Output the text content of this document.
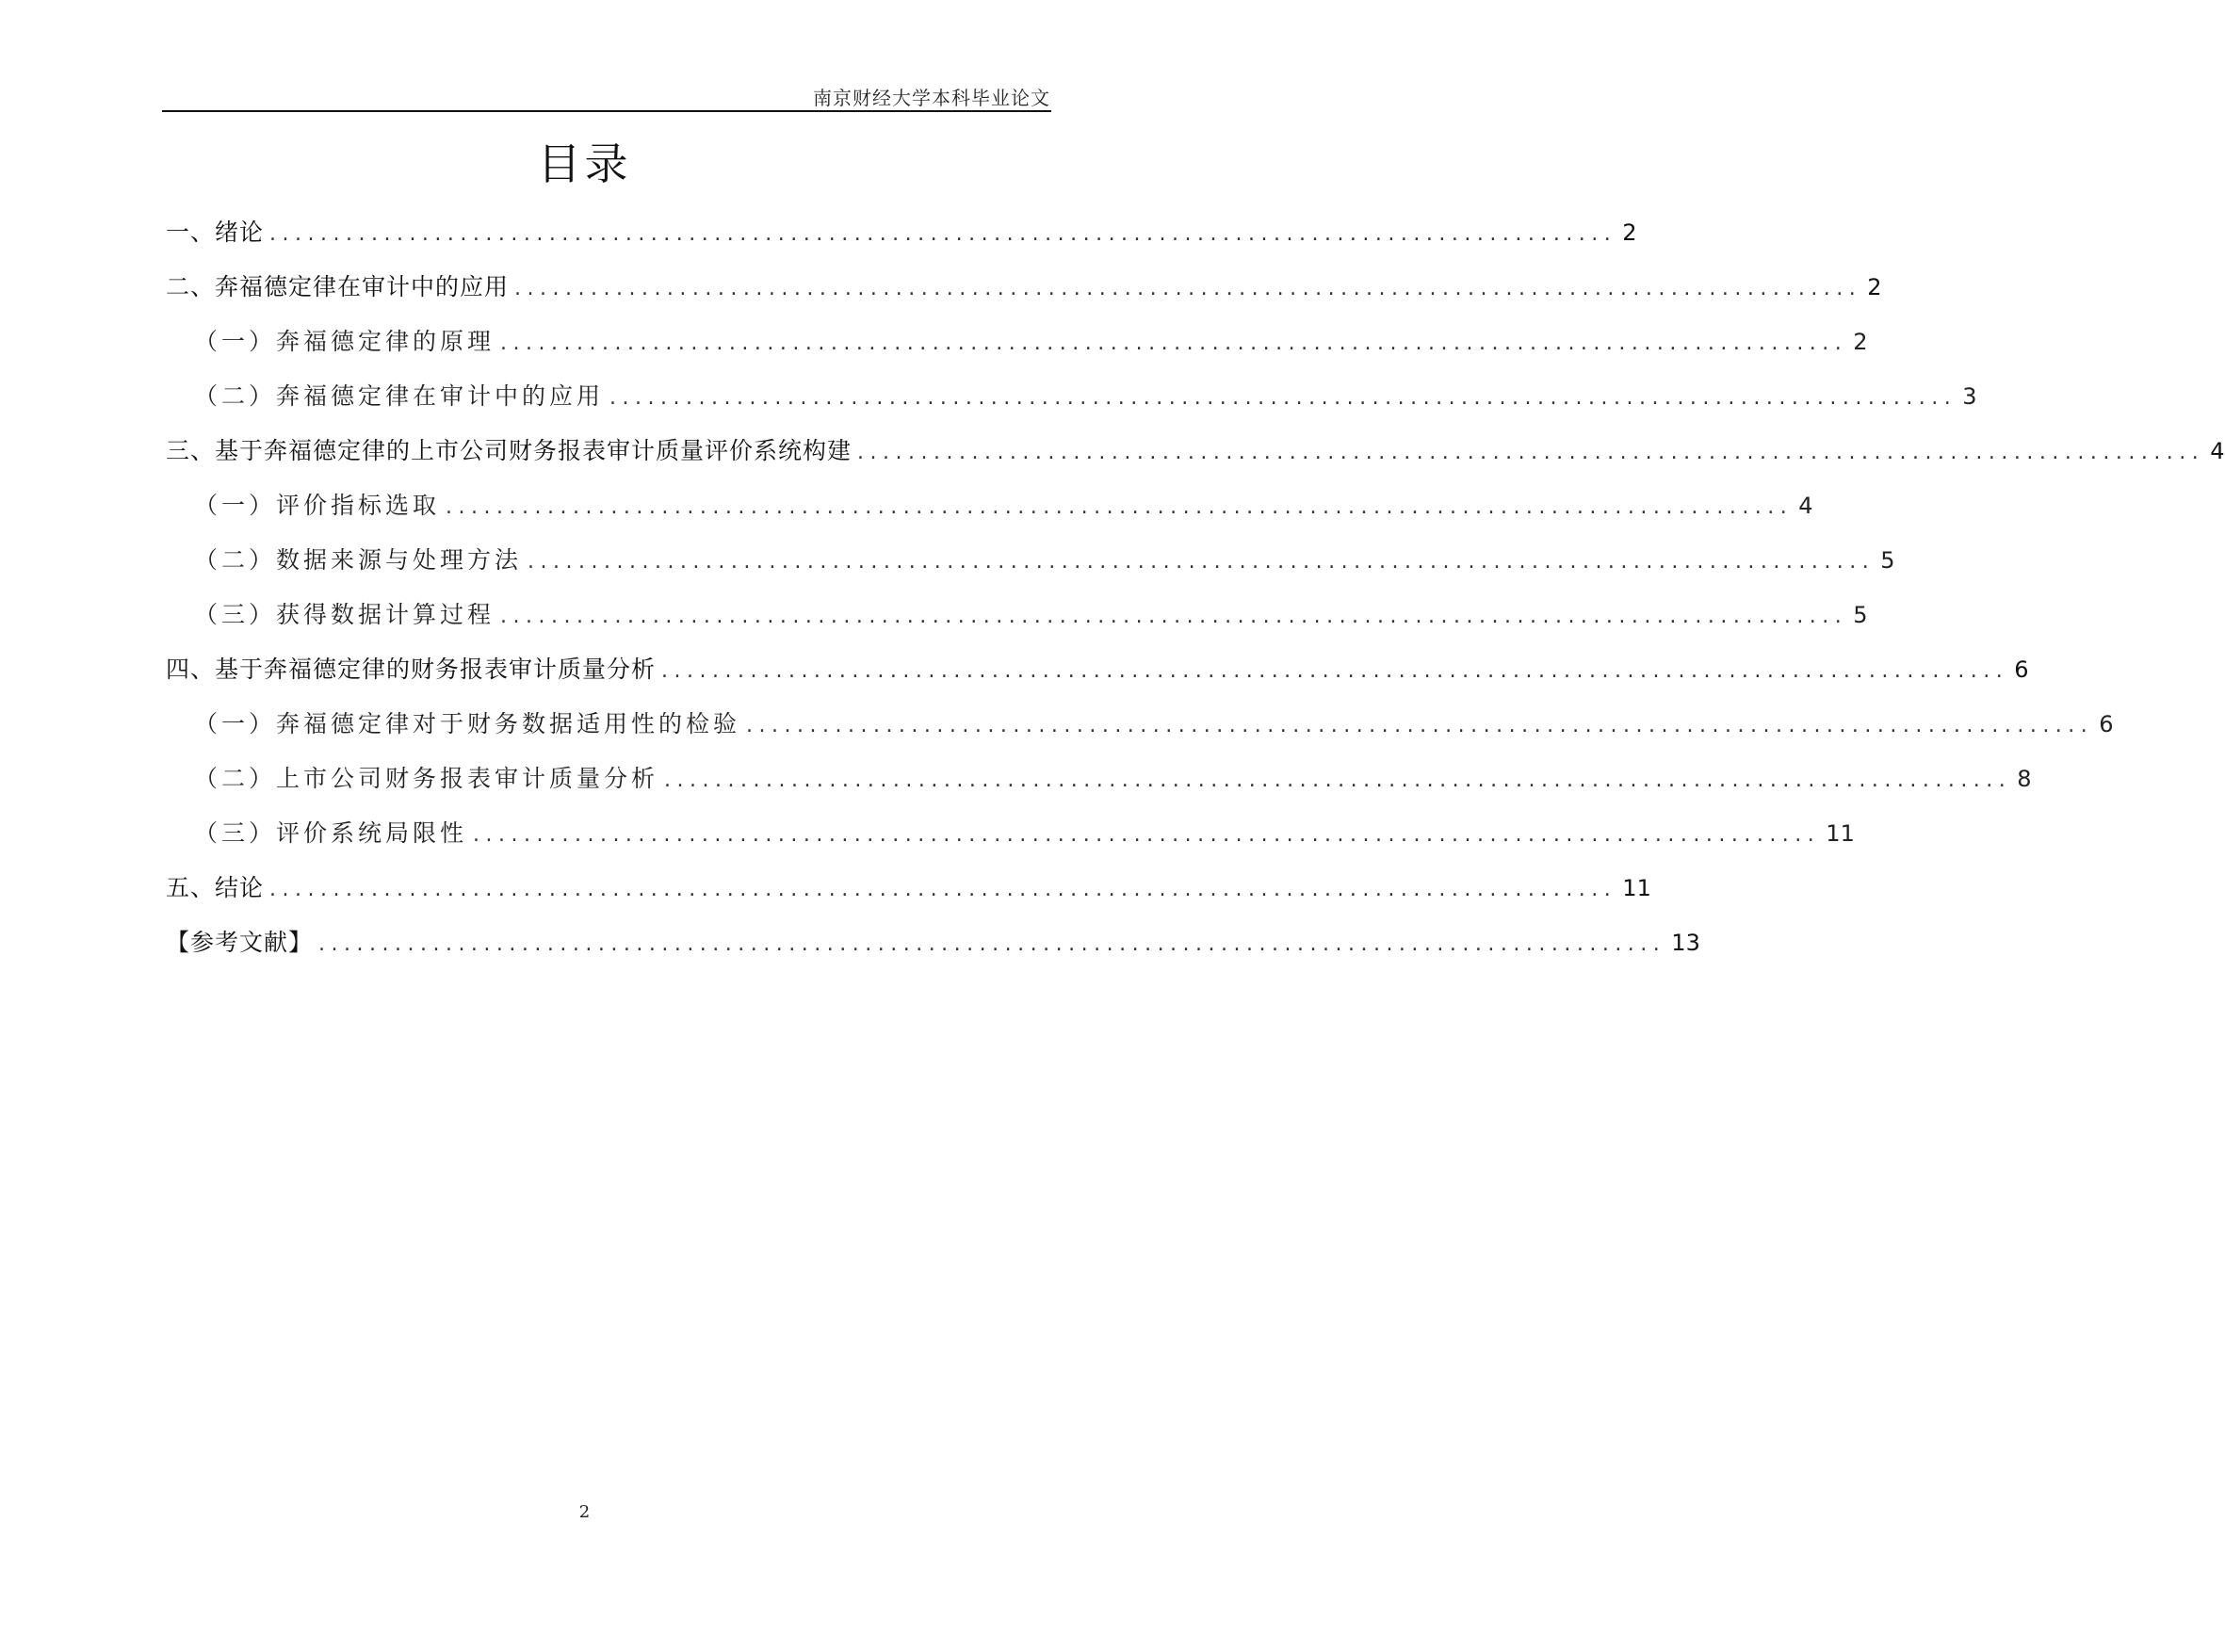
南京财经大学本科毕业论文
目录
一、绪论 .......................................................................................................... 2
二、奔福德定律在审计中的应用 .......................................................................................................... 2
（一）奔福德定律的原理 .......................................................................................................... 2
（二）奔福德定律在审计中的应用 .......................................................................................................... 3
三、基于奔福德定律的上市公司财务报表审计质量评价系统构建 .......................................................................................................... 4
（一）评价指标选取 .......................................................................................................... 4
（二）数据来源与处理方法 .......................................................................................................... 5
（三）获得数据计算过程 .......................................................................................................... 5
四、基于奔福德定律的财务报表审计质量分析 .......................................................................................................... 6
（一）奔福德定律对于财务数据适用性的检验 .......................................................................................................... 6
（二）上市公司财务报表审计质量分析 .......................................................................................................... 8
（三）评价系统局限性 .......................................................................................................... 11
五、结论 .......................................................................................................... 11
【参考文献】 .......................................................................................................... 13
2
